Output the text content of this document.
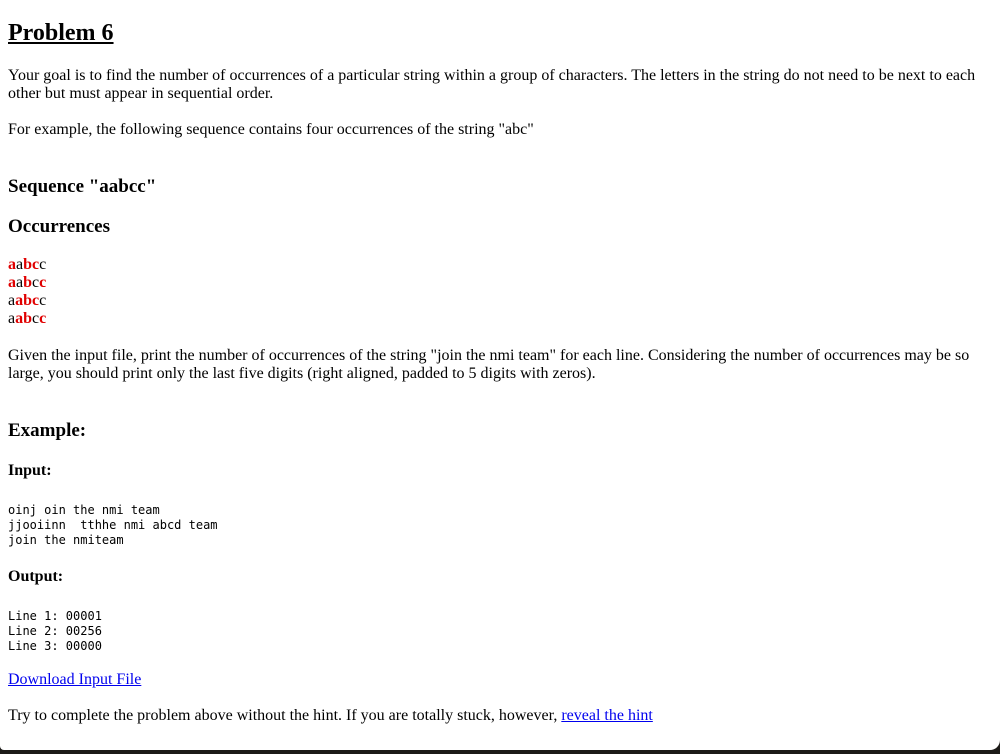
Problem 6

Your goal is to find the number of occurrences of a particular string within a group of characters. The letters in the string do not need to be next to each other but must appear in sequential order.

For example, the following sequence contains four occurrences of the string "abc"

Sequence "aabcc"
Occurrences
aabcc
aabcc
aabcc
aabcc

Given the input file, print the number of occurrences of the string "join the nmi team" for each line. Considering the number of occurrences may be so large, you should print only the last five digits (right aligned, padded to 5 digits with zeros).

Example:

Input:

oinj oin the nmi team
jjooiinn  tthhe nmi abcd team
join the nmiteam

Output:

Line 1: 00001
Line 2: 00256
Line 3: 00000
Download Input File

Try to complete the problem above without the hint. If you are totally stuck, however, reveal the hint
